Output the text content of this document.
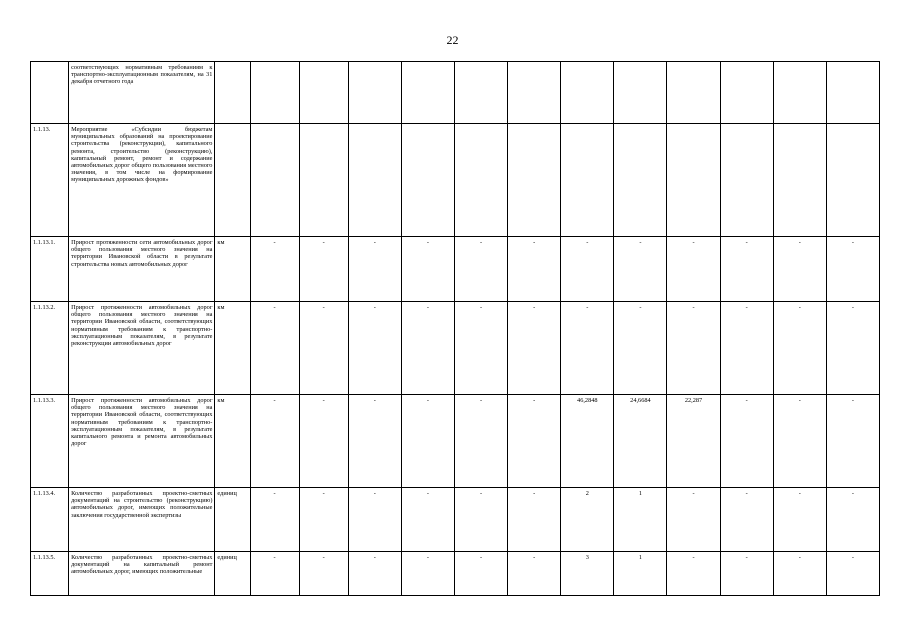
22
	соответствующих нормативным требованиям к транспортно-эксплуатационным показателям, на 31 декабря отчетного года													
1.1.13.	Мероприятие «Субсидии бюджетам муниципальных образований на проектирование строительства (реконструкции), капитального ремонта, строительство (реконструкцию), капитальный ремонт, ремонт и содержание автомобильных дорог общего пользования местного значения, в том числе на формирование муниципальных дорожных фондов»													
1.1.13.1.	Прирост протяженности сети автомобильных дорог общего пользования местного значения на территории Ивановской области в результате строительства новых автомобильных дорог	км	-	-	-	-	-	-	-	-	-	-	-	-
1.1.13.2.	Прирост протяженности автомобильных дорог общего пользования местного значения на территории Ивановской области, соответствующих нормативным требованиям к транспортно-эксплуатационным показателям, в результате реконструкции автомобильных дорог	км	-	-	-	-	-	-	-	-	-	-	-	-
1.1.13.3.	Прирост протяженности автомобильных дорог общего пользования местного значения на территории Ивановской области, соответствующих нормативным требованиям к транспортно-эксплуатационным показателям, в результате капитального ремонта и ремонта автомобильных дорог	км	-	-	-	-	-	-	46,2848	24,6684	22,287	-	-	-
1.1.13.4.	Количество разработанных проектно-сметных документаций на строительство (реконструкцию) автомобильных дорог, имеющих положительные заключения государственной экспертизы	единиц	-	-	-	-	-	-	2	1	-	-	-	-
1.1.13.5.	Количество разработанных проектно-сметных документаций на капитальный ремонт автомобильных дорог, имеющих положительные	единиц	-	-	-	-	-	-	3	1	-	-	-	-
